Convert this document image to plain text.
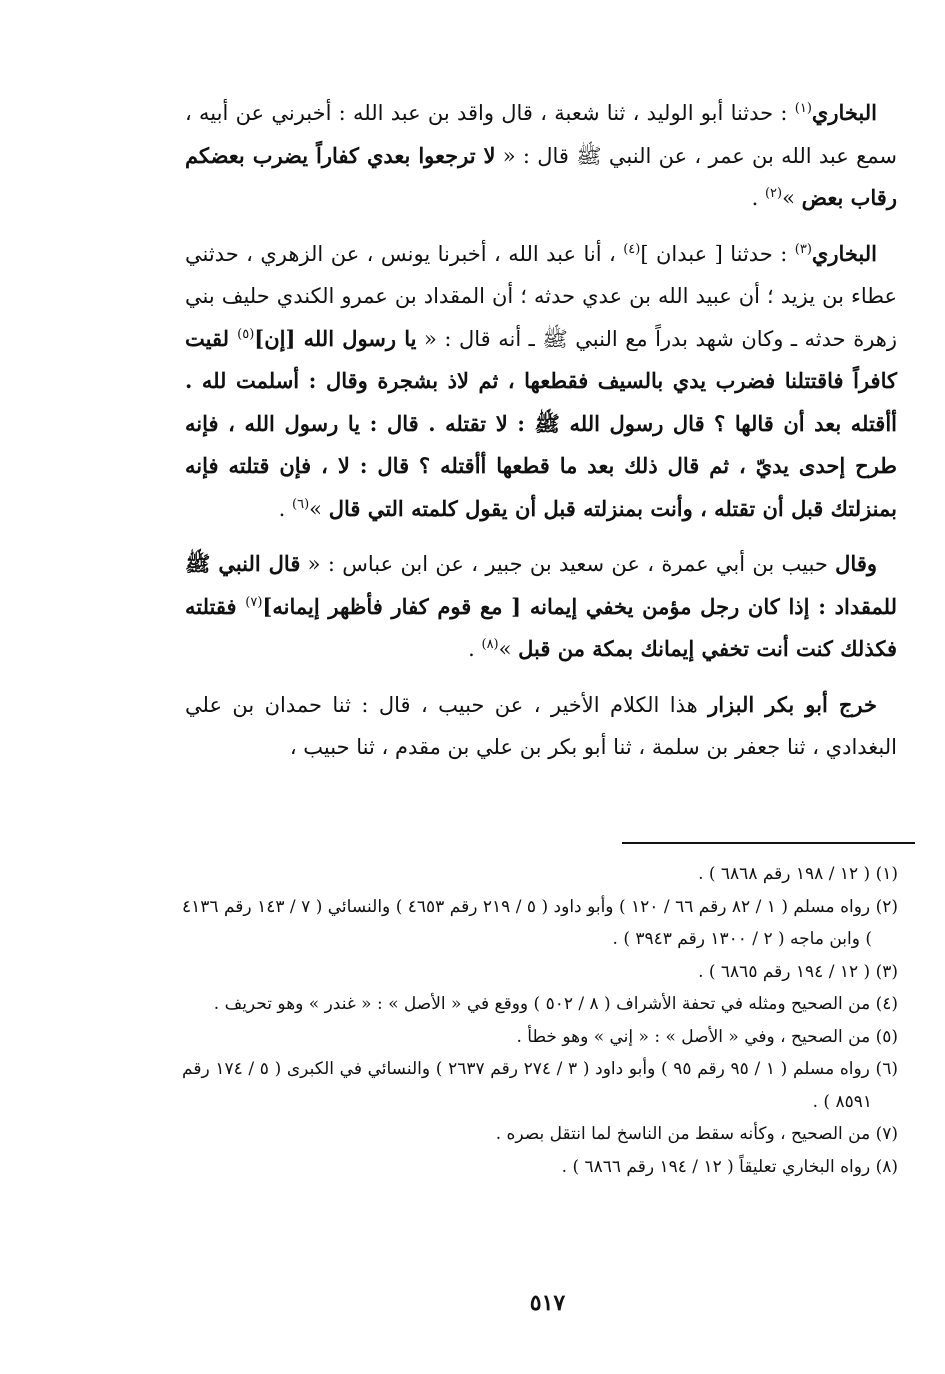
البخاري$^{(١)}$ : حدثنا أبو الوليد ، ثنا شعبة ، قال واقد بن عبد الله : أخبرني عن أبيه ، سمع عبد الله بن عمر ، عن النبي ﷺ قال : « لا ترجعوا بعدي كفاراً يضرب بعضكم رقاب بعض »$^{(٢)}$ .

البخاري$^{(٣)}$ : حدثنا [ عبدان ]$^{(٤)}$ ، أنا عبد الله ، أخبرنا يونس ، عن الزهري ، حدثني عطاء بن يزيد ؛ أن عبيد الله بن عدي حدثه ؛ أن المقداد بن عمرو الكندي حليف بني زهرة حدثه ـ وكان شهد بدراً مع النبي ﷺ ـ أنه قال : « يا رسول الله [إن]$^{(٥)}$ لقيت كافراً فاقتتلنا فضرب يدي بالسيف فقطعها ، ثم لاذ بشجرة وقال : أسلمت لله . أأقتله بعد أن قالها ؟ قال رسول الله ﷺ : لا تقتله . قال : يا رسول الله ، فإنه طرح إحدى يديّ ، ثم قال ذلك بعد ما قطعها أأقتله ؟ قال : لا ، فإن قتلته فإنه بمنزلتك قبل أن تقتله ، وأنت بمنزلته قبل أن يقول كلمته التي قال »$^{(٦)}$ .

وقال حبيب بن أبي عمرة ، عن سعيد بن جبير ، عن ابن عباس : « قال النبي ﷺ للمقداد : إذا كان رجل مؤمن يخفي إيمانه [ مع قوم كفار فأظهر إيمانه]$^{(٧)}$ فقتلته فكذلك كنت أنت تخفي إيمانك بمكة من قبل »$^{(٨)}$ .

خرج أبو بكر البزار هذا الكلام الأخير ، عن حبيب ، قال : ثنا حمدان بن علي البغدادي ، ثنا جعفر بن سلمة ، ثنا أبو بكر بن علي بن مقدم ، ثنا حبيب ،

(١) ( ١٢ / ١٩٨ رقم ٦٨٦٨ ) .

(٢) رواه مسلم ( ١ / ٨٢ رقم ٦٦ / ١٢٠ ) وأبو داود ( ٥ / ٢١٩ رقم ٤٦٥٣ ) والنسائي ( ٧ / ١٤٣ رقم ٤١٣٦ ) وابن ماجه ( ٢ / ١٣٠٠ رقم ٣٩٤٣ ) .

(٣) ( ١٢ / ١٩٤ رقم ٦٨٦٥ ) .

(٤) من الصحيح ومثله في تحفة الأشراف ( ٨ / ٥٠٢ ) ووقع في « الأصل » : « غندر » وهو تحريف .

(٥) من الصحيح ، وفي « الأصل » : « إني » وهو خطأ .

(٦) رواه مسلم ( ١ / ٩٥ رقم ٩٥ ) وأبو داود ( ٣ / ٢٧٤ رقم ٢٦٣٧ ) والنسائي في الكبرى ( ٥ / ١٧٤ رقم ٨٥٩١ ) .

(٧) من الصحيح ، وكأنه سقط من الناسخ لما انتقل بصره .

(٨) رواه البخاري تعليقاً ( ١٢ / ١٩٤ رقم ٦٨٦٦ ) .

٥١٧
